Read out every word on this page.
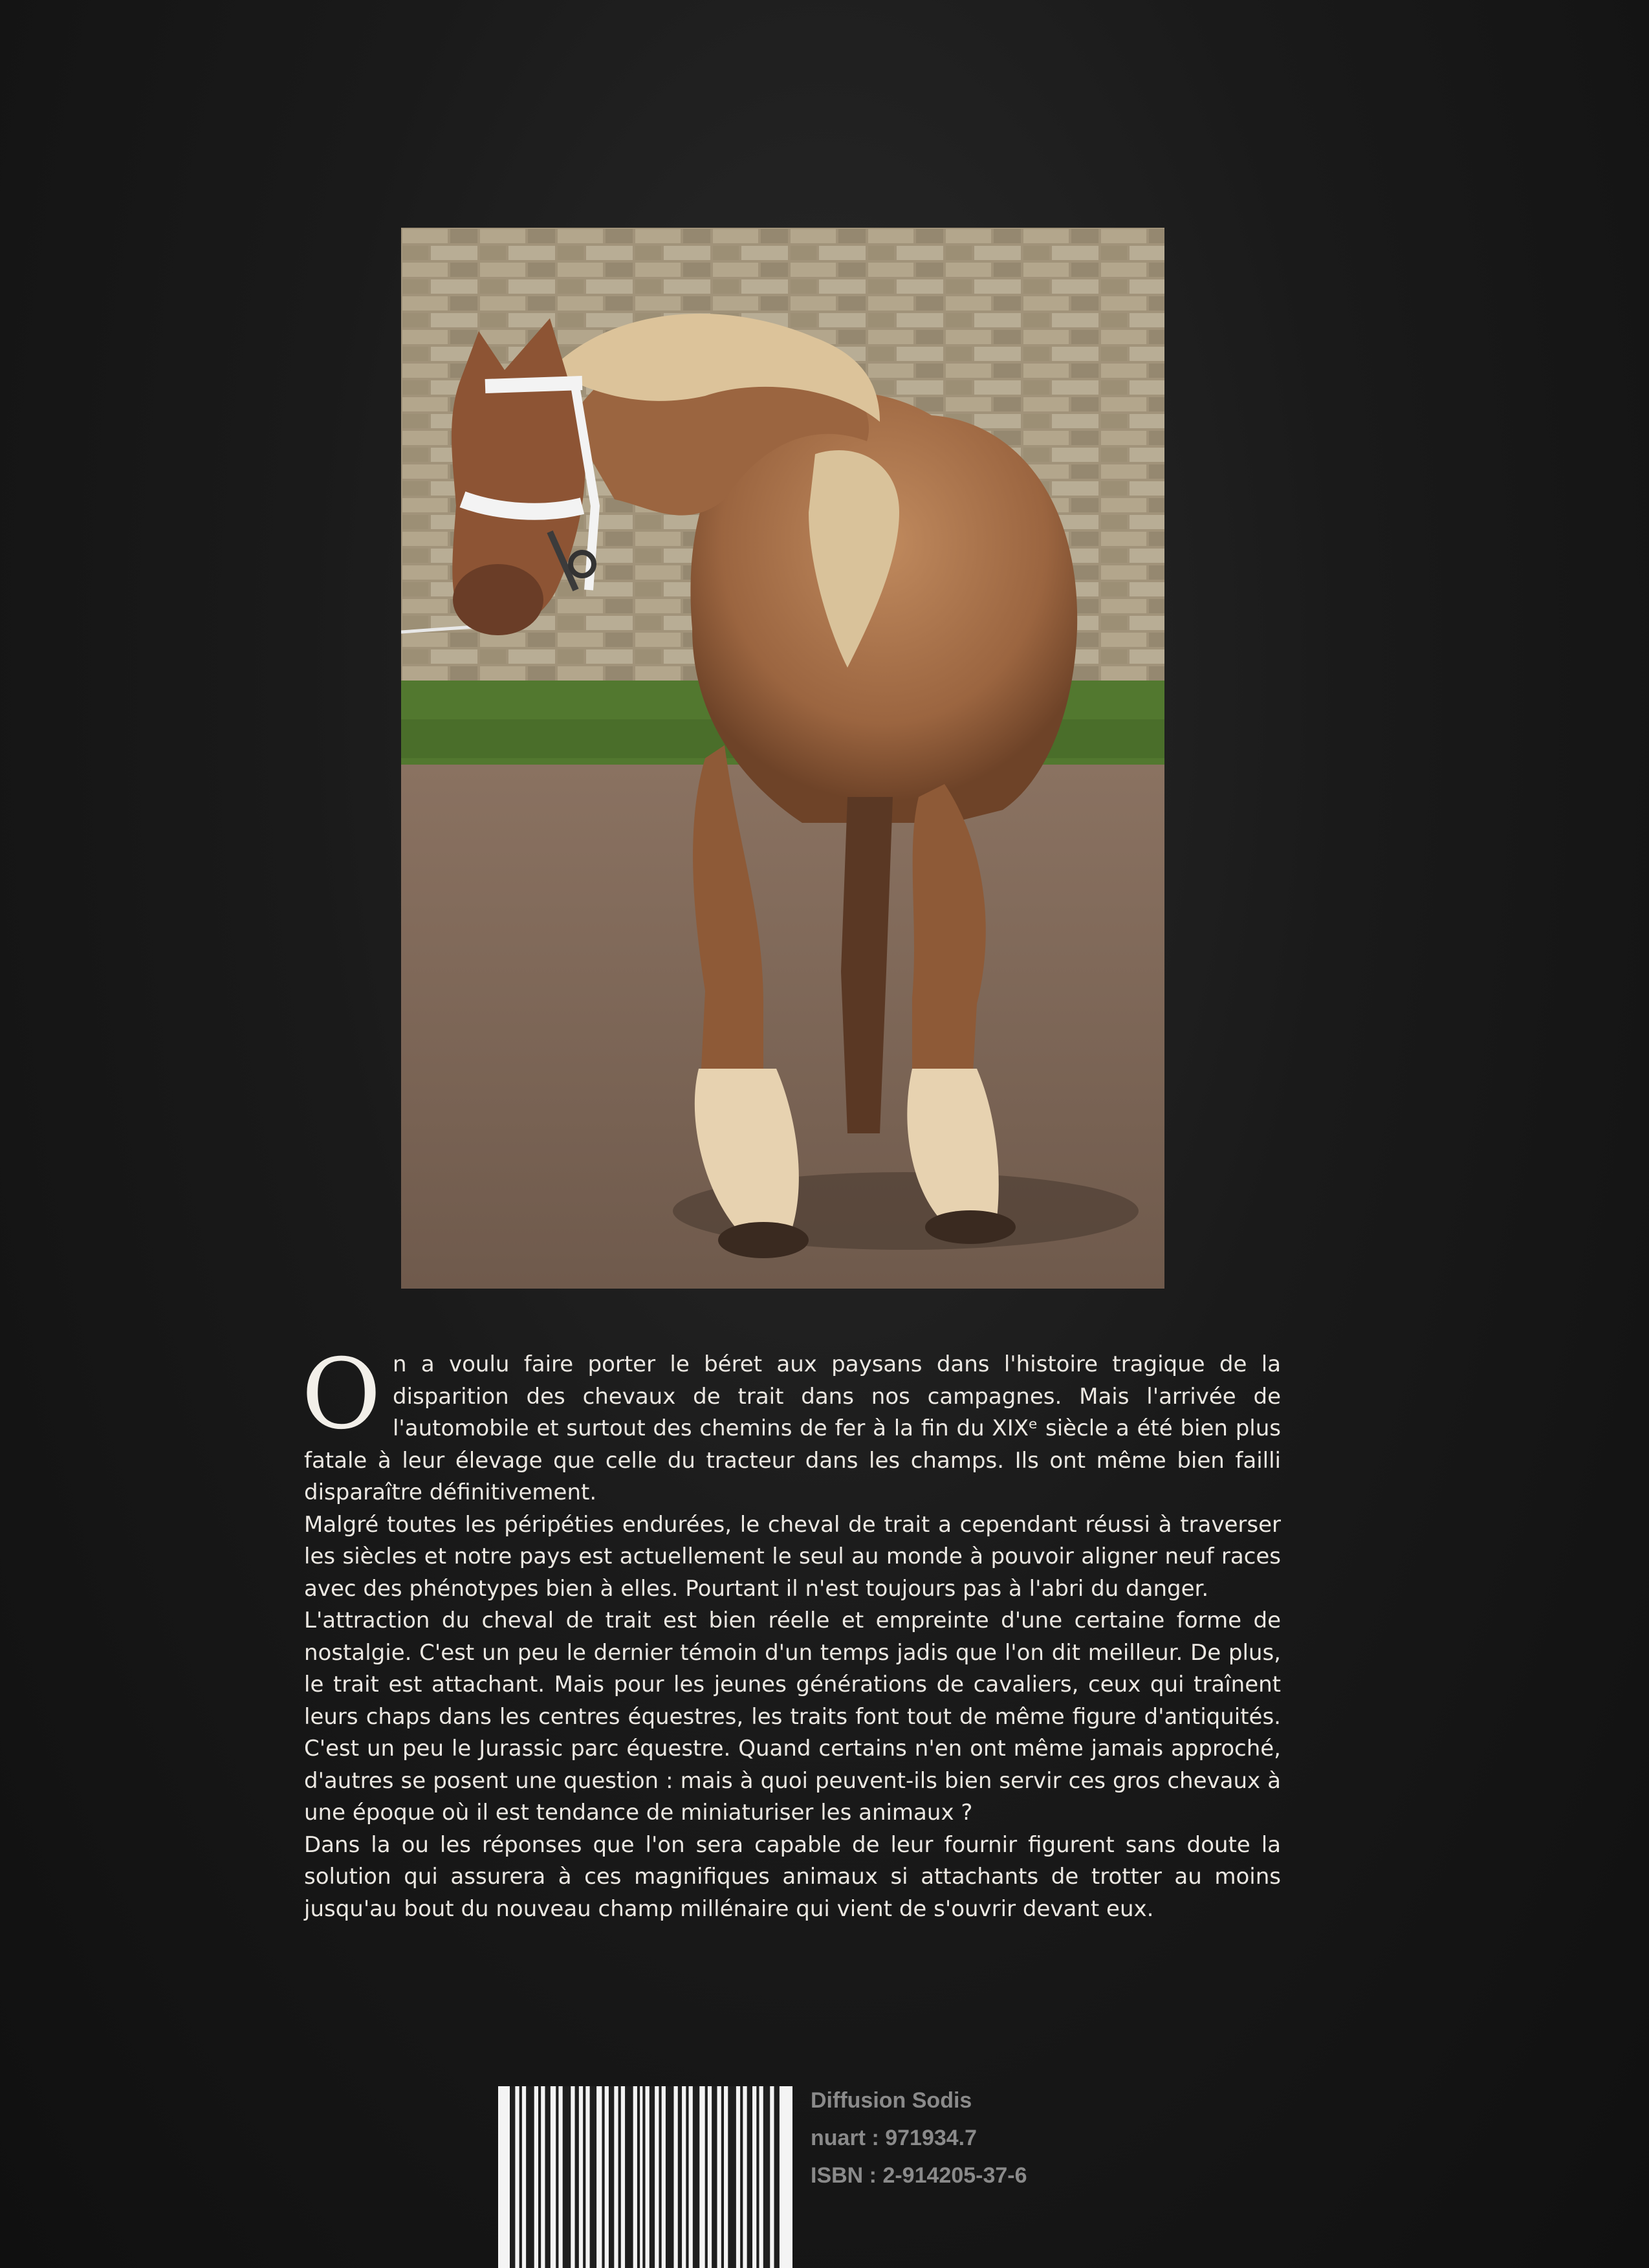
O n a voulu faire porter le béret aux paysans dans l'histoire tragique de la disparition des chevaux de trait dans nos campagnes. Mais l'arrivée de l'automobile et surtout des chemins de fer à la fin du XIXᵉ siècle a été bien plus fatale à leur élevage que celle du tracteur dans les champs. Ils ont même bien failli disparaître définitivement.

Malgré toutes les péripéties endurées, le cheval de trait a cependant réussi à traverser les siècles et notre pays est actuellement le seul au monde à pouvoir aligner neuf races avec des phénotypes bien à elles. Pourtant il n'est toujours pas à l'abri du danger.

L'attraction du cheval de trait est bien réelle et empreinte d'une certaine forme de nostalgie. C'est un peu le dernier témoin d'un temps jadis que l'on dit meilleur. De plus, le trait est attachant. Mais pour les jeunes générations de cavaliers, ceux qui traînent leurs chaps dans les centres équestres, les traits font tout de même figure d'antiquités. C'est un peu le Jurassic parc équestre. Quand certains n'en ont même jamais approché, d'autres se posent une question : mais à quoi peuvent-ils bien servir ces gros chevaux à une époque où il est tendance de miniaturiser les animaux ?

Dans la ou les réponses que l'on sera capable de leur fournir figurent sans doute la solution qui assurera à ces magnifiques animaux si attachants de trotter au moins jusqu'au bout du nouveau champ millénaire qui vient de s'ouvrir devant eux.

Diffusion Sodis
nuart : 971934.7
ISBN : 2-914205-37-6
